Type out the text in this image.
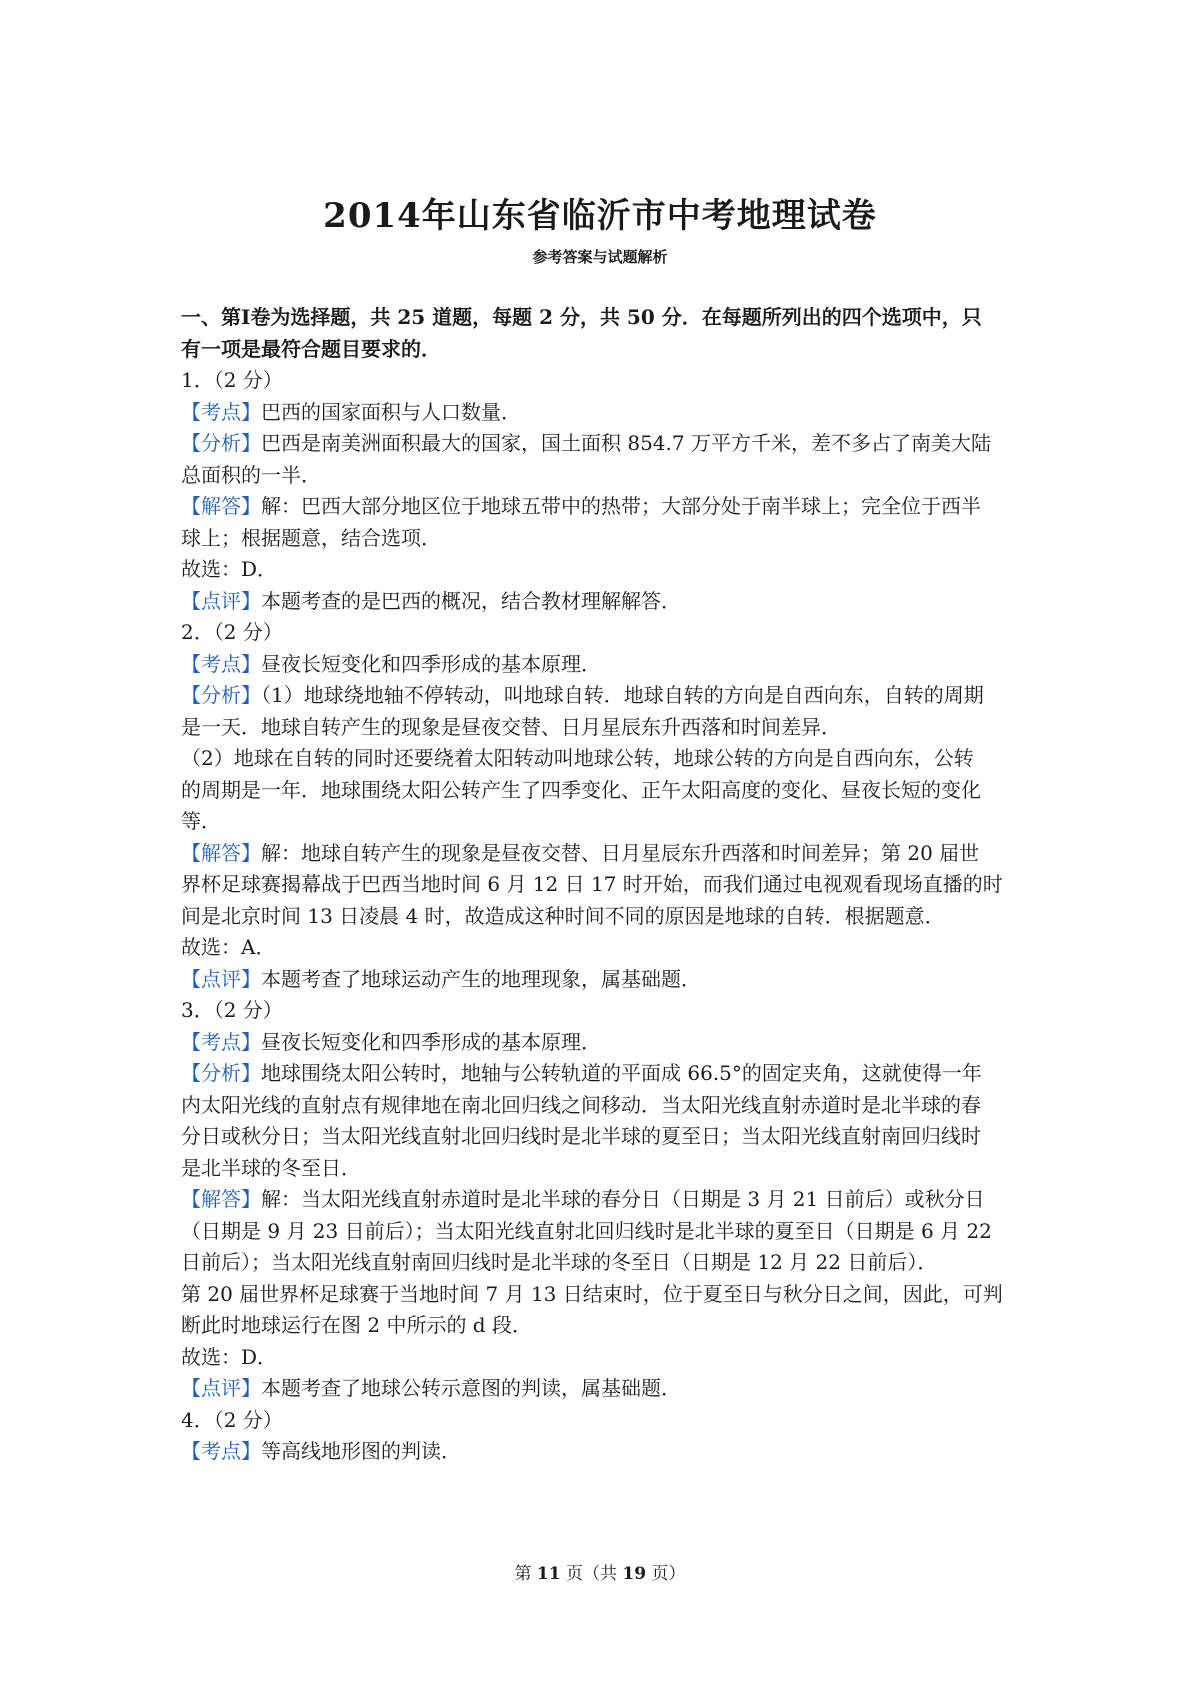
2014年山东省临沂市中考地理试卷
参考答案与试题解析
一、第Ⅰ卷为选择题，共 25 道题，每题 2 分，共 50 分．在每题所列出的四个选项中，只
有一项是最符合题目要求的．
1．（2 分）
【考点】巴西的国家面积与人口数量．
【分析】巴西是南美洲面积最大的国家，国土面积 854.7 万平方千米，差不多占了南美大陆
总面积的一半．
【解答】解：巴西大部分地区位于地球五带中的热带；大部分处于南半球上；完全位于西半
球上；根据题意，结合选项．
故选：D．
【点评】本题考查的是巴西的概况，结合教材理解解答．
2．（2 分）
【考点】昼夜长短变化和四季形成的基本原理．
【分析】（1）地球绕地轴不停转动，叫地球自转．地球自转的方向是自西向东，自转的周期
是一天．地球自转产生的现象是昼夜交替、日月星辰东升西落和时间差异．
（2）地球在自转的同时还要绕着太阳转动叫地球公转，地球公转的方向是自西向东，公转
的周期是一年．地球围绕太阳公转产生了四季变化、正午太阳高度的变化、昼夜长短的变化
等．
【解答】解：地球自转产生的现象是昼夜交替、日月星辰东升西落和时间差异；第 20 届世
界杯足球赛揭幕战于巴西当地时间 6 月 12 日 17 时开始，而我们通过电视观看现场直播的时
间是北京时间 13 日凌晨 4 时，故造成这种时间不同的原因是地球的自转．根据题意．
故选：A．
【点评】本题考查了地球运动产生的地理现象，属基础题．
3．（2 分）
【考点】昼夜长短变化和四季形成的基本原理．
【分析】地球围绕太阳公转时，地轴与公转轨道的平面成 66.5°的固定夹角，这就使得一年
内太阳光线的直射点有规律地在南北回归线之间移动．当太阳光线直射赤道时是北半球的春
分日或秋分日；当太阳光线直射北回归线时是北半球的夏至日；当太阳光线直射南回归线时
是北半球的冬至日．
【解答】解：当太阳光线直射赤道时是北半球的春分日（日期是 3 月 21 日前后）或秋分日
（日期是 9 月 23 日前后）；当太阳光线直射北回归线时是北半球的夏至日（日期是 6 月 22
日前后）；当太阳光线直射南回归线时是北半球的冬至日（日期是 12 月 22 日前后）．
第 20 届世界杯足球赛于当地时间 7 月 13 日结束时，位于夏至日与秋分日之间，因此，可判
断此时地球运行在图 2 中所示的 d 段．
故选：D．
【点评】本题考查了地球公转示意图的判读，属基础题．
4．（2 分）
【考点】等高线地形图的判读．
第 11 页（共 19 页）
